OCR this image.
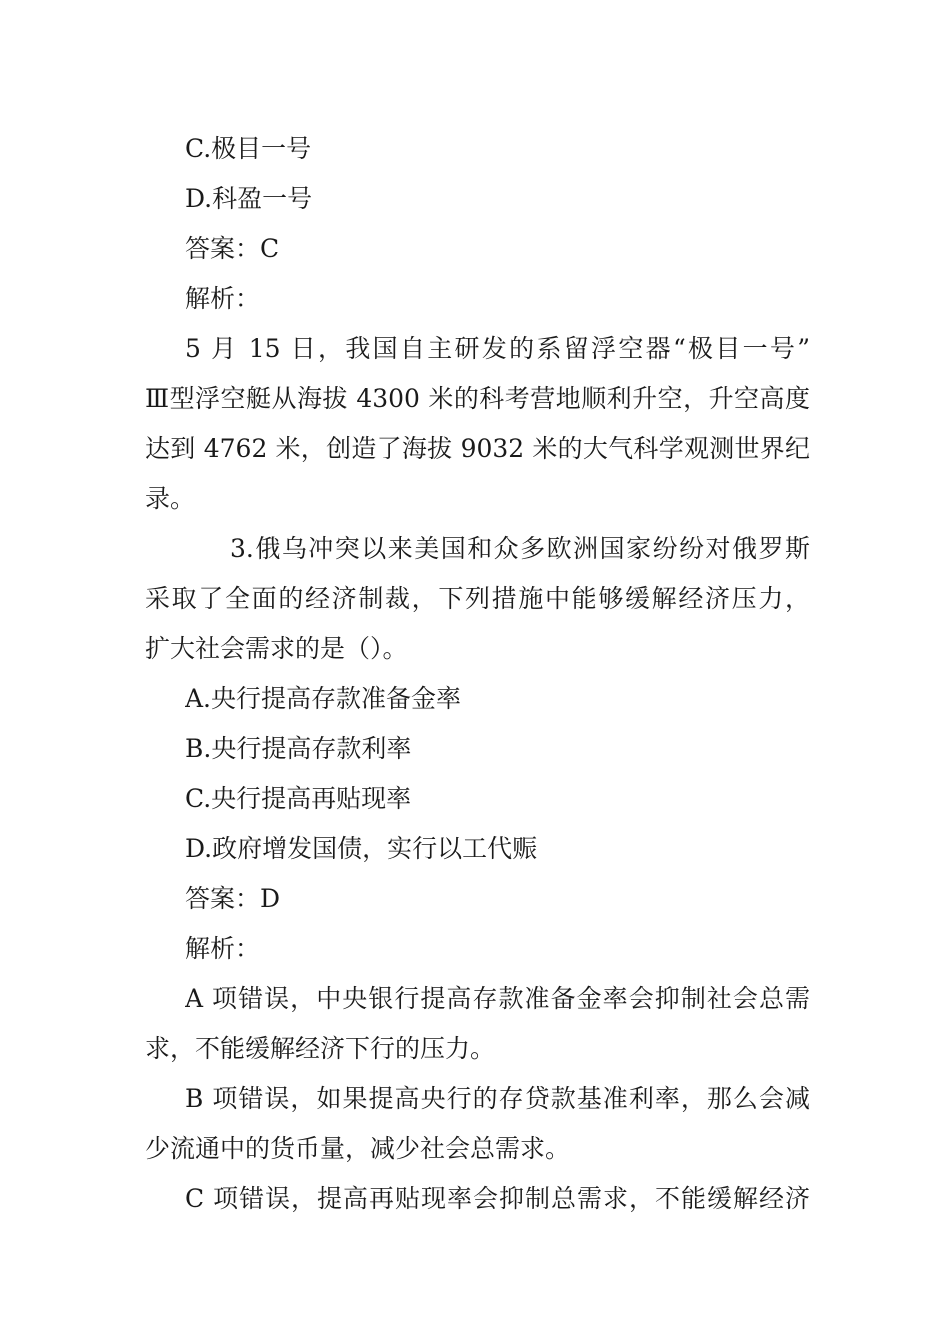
C.极目一号
D.科盈一号
答案：C
解析：
5 月 15 日，我国自主研发的系留浮空器“极目一号”
Ⅲ型浮空艇从海拔 4300 米的科考营地顺利升空，升空高度
达到 4762 米，创造了海拔 9032 米的大气科学观测世界纪
录。
3.俄乌冲突以来美国和众多欧洲国家纷纷对俄罗斯
采取了全面的经济制裁，下列措施中能够缓解经济压力，
扩大社会需求的是（）。
A.央行提高存款准备金率
B.央行提高存款利率
C.央行提高再贴现率
D.政府增发国债，实行以工代赈
答案：D
解析：
A 项错误，中央银行提高存款准备金率会抑制社会总需
求，不能缓解经济下行的压力。
B 项错误，如果提高央行的存贷款基准利率，那么会减
少流通中的货币量，减少社会总需求。
C 项错误，提高再贴现率会抑制总需求，不能缓解经济
